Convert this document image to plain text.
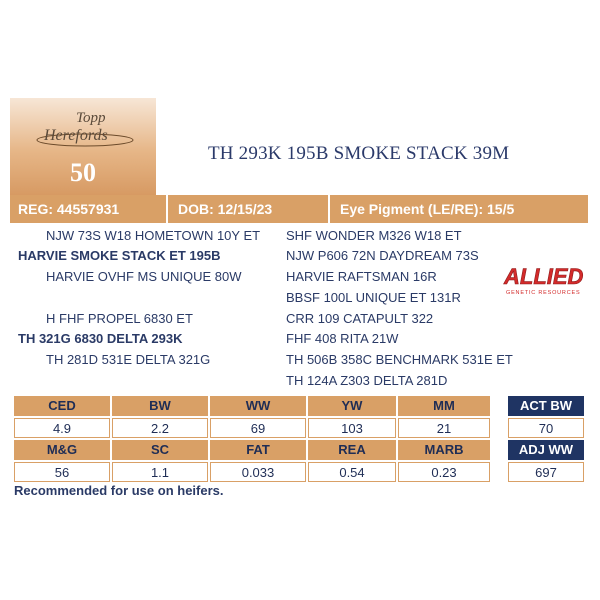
Topp
Herefords
50
TH 293K 195B SMOKE STACK 39M
REG: 44557931	DOB: 12/15/23	Eye Pigment (LE/RE): 15/5
NJW 73S W18 HOMETOWN 10Y ET
HARVIE SMOKE STACK ET 195B
HARVIE OVHF MS UNIQUE 80W
H FHF PROPEL 6830 ET
TH 321G 6830 DELTA 293K
TH 281D 531E DELTA 321G
SHF WONDER M326 W18 ET
NJW P606 72N DAYDREAM 73S
HARVIE RAFTSMAN 16R
BBSF 100L UNIQUE ET 131R
CRR 109 CATAPULT 322
FHF 408 RITA 21W
TH 506B 358C BENCHMARK 531E ET
TH 124A Z303 DELTA 281D
ALLIED
GENETIC RESOURCES
CED	BW	WW	YW	MM
4.9	2.2	69	103	21
M&G	SC	FAT	REA	MARB
56	1.1	0.033	0.54	0.23
ACT BW
70
ADJ WW
697
Recommended for use on heifers.
